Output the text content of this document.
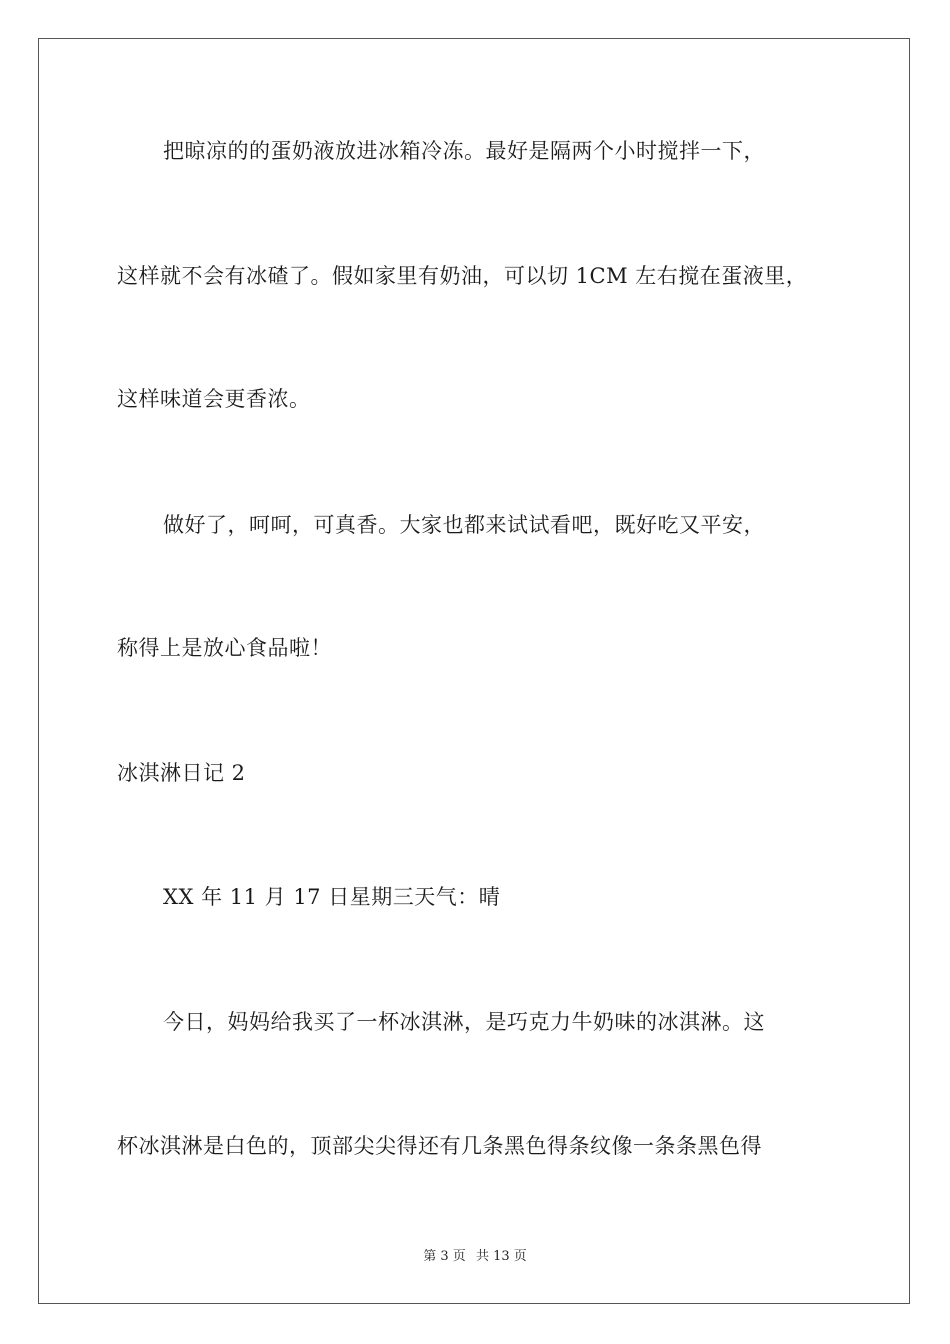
把晾凉的的蛋奶液放进冰箱冷冻。最好是隔两个小时搅拌一下，
这样就不会有冰碴了。假如家里有奶油，可以切 1CM 左右搅在蛋液里，
这样味道会更香浓。
做好了，呵呵，可真香。大家也都来试试看吧，既好吃又平安，
称得上是放心食品啦！
冰淇淋日记 2
XX 年 11 月 17 日星期三天气：晴
今日，妈妈给我买了一杯冰淇淋，是巧克力牛奶味的冰淇淋。这
杯冰淇淋是白色的，顶部尖尖得还有几条黑色得条纹像一条条黑色得
第 3 页 共 13 页
